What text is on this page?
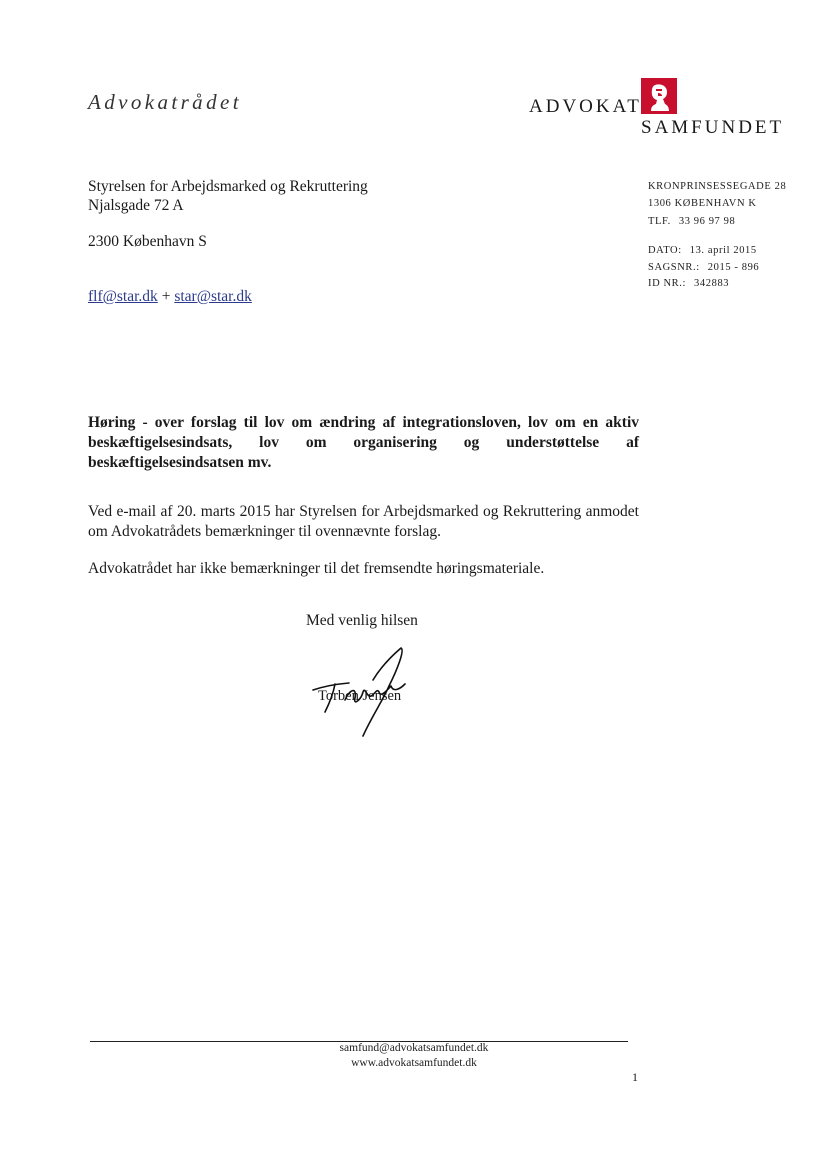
Advokatrådet	ADVOKAT
SAMFUNDET
Styrelsen for Arbejdsmarked og Rekruttering
Njalsgade 72 A
2300 København S
flf@star.dk + star@star.dk
KRONPRINSESSEGADE 28
1306 KØBENHAVN K
TLF. 33 96 97 98
DATO: 13. april 2015
SAGSNR.: 2015 - 896
ID NR.: 342883
Høring - over forslag til lov om ændring af integrationsloven, lov om en aktiv
beskæftigelsesindsats, lov om organisering og understøttelse af
beskæftigelsesindsatsen mv.
Ved e-mail af 20. marts 2015 har Styrelsen for Arbejdsmarked og Rekruttering anmodet om Advokatrådets bemærkninger til ovennævnte forslag.
Advokatrådet har ikke bemærkninger til det fremsendte høringsmateriale.
Med venlig hilsen
Torben Jensen
samfund@advokatsamfundet.dk
www.advokatsamfundet.dk
1
